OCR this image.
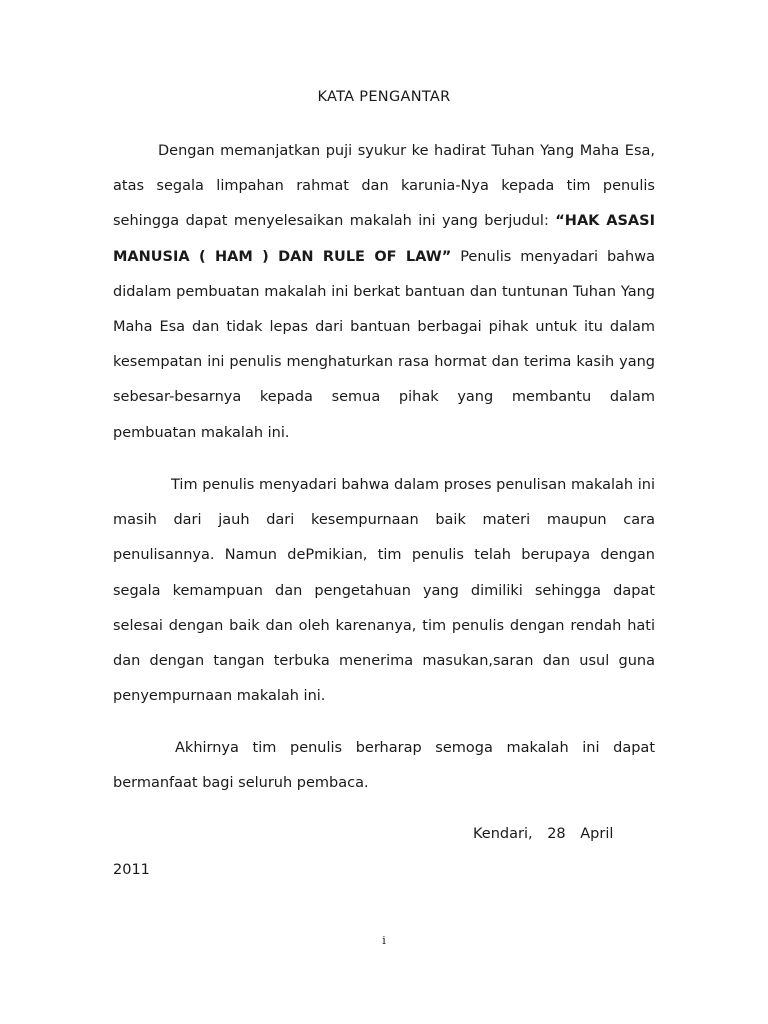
KATA PENGANTAR

Dengan memanjatkan puji syukur ke hadirat Tuhan Yang Maha Esa, atas segala limpahan rahmat dan karunia-Nya kepada tim penulis sehingga dapat menyelesaikan makalah ini yang berjudul: “HAK ASASI MANUSIA ( HAM ) DAN RULE OF LAW” Penulis menyadari bahwa didalam pembuatan makalah ini berkat bantuan dan tuntunan Tuhan Yang Maha Esa dan tidak lepas dari bantuan berbagai pihak untuk itu dalam kesempatan ini penulis menghaturkan rasa hormat dan terima kasih yang sebesar-besarnya kepada semua pihak yang membantu dalam pembuatan makalah ini.

Tim penulis menyadari bahwa dalam proses penulisan makalah ini masih dari jauh dari kesempurnaan baik materi maupun cara penulisannya. Namun dePmikian, tim penulis telah berupaya dengan segala kemampuan dan pengetahuan yang dimiliki sehingga dapat selesai dengan baik dan oleh karenanya, tim penulis dengan rendah hati dan dengan tangan terbuka menerima masukan,saran dan usul guna penyempurnaan makalah ini.

Akhirnya tim penulis berharap semoga makalah ini dapat bermanfaat bagi seluruh pembaca.

Kendari, 28 April
2011
i
